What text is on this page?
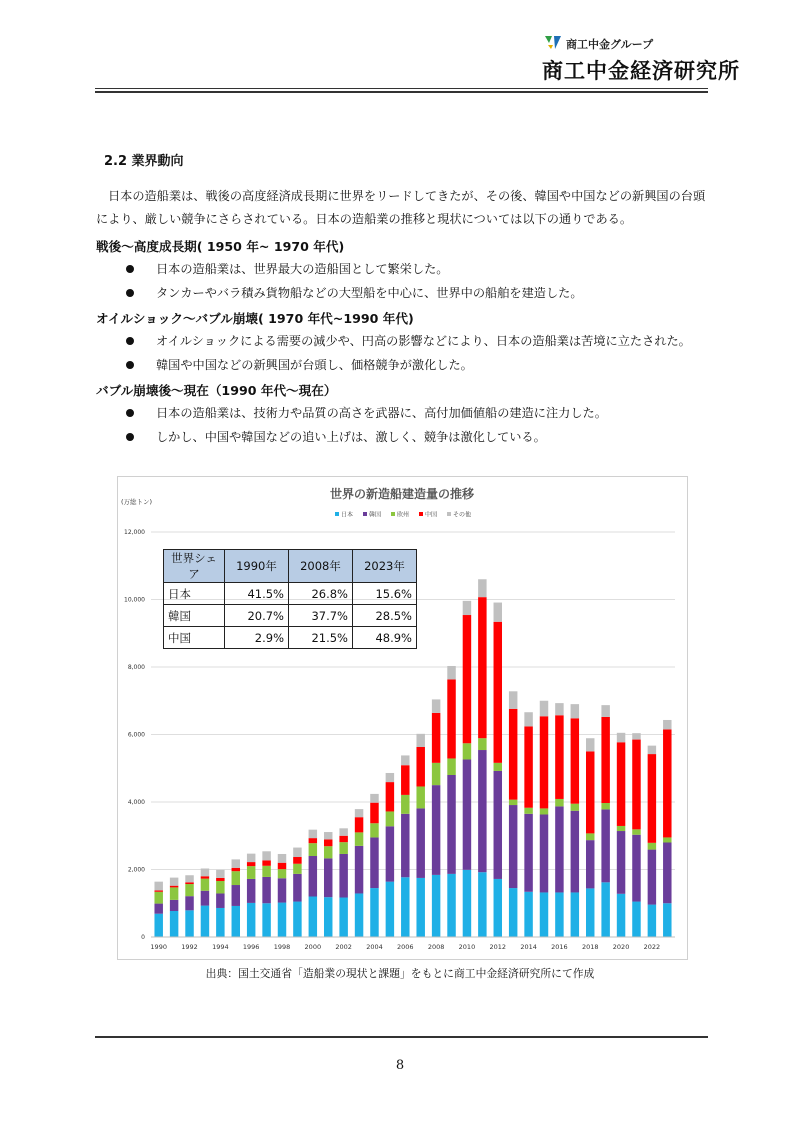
商工中金グループ
商工中金経済研究所
2.2 業界動向
日本の造船業は、戦後の高度経済成長期に世界をリードしてきたが、その後、韓国や中国などの新興国の台頭により、厳しい競争にさらされている。日本の造船業の推移と現状については以下の通りである。
戦後～高度成長期( 1950 年~ 1970 年代)
日本の造船業は、世界最大の造船国として繁栄した。
タンカーやバラ積み貨物船などの大型船を中心に、世界中の船舶を建造した。
オイルショック～バブル崩壊( 1970 年代~1990 年代)
オイルショックによる需要の減少や、円高の影響などにより、日本の造船業は苦境に立たされた。
韓国や中国などの新興国が台頭し、価格競争が激化した。
バブル崩壊後～現在（1990 年代～現在）
日本の造船業は、技術力や品質の高さを武器に、高付加価値船の建造に注力した。
しかし、中国や韓国などの追い上げは、激しく、競争は激化している。
0
2,000
4,000
6,000
8,000
10,000
12,000
(万総トン)
世界の新造船建造量の推移
日本	韓国	欧州	中国	その他
1990 1992 1994 1996 1998 2000 2002 2004 2006 2008 2010 2012 2014 2016 2018 2020 2022
世界シェア	1990年	2008年	2023年
日本	41.5%	26.8%	15.6%
韓国	20.7%	37.7%	28.5%
中国	2.9%	21.5%	48.9%
出典：国土交通省「造船業の現状と課題」をもとに商工中金経済研究所にて作成
8
